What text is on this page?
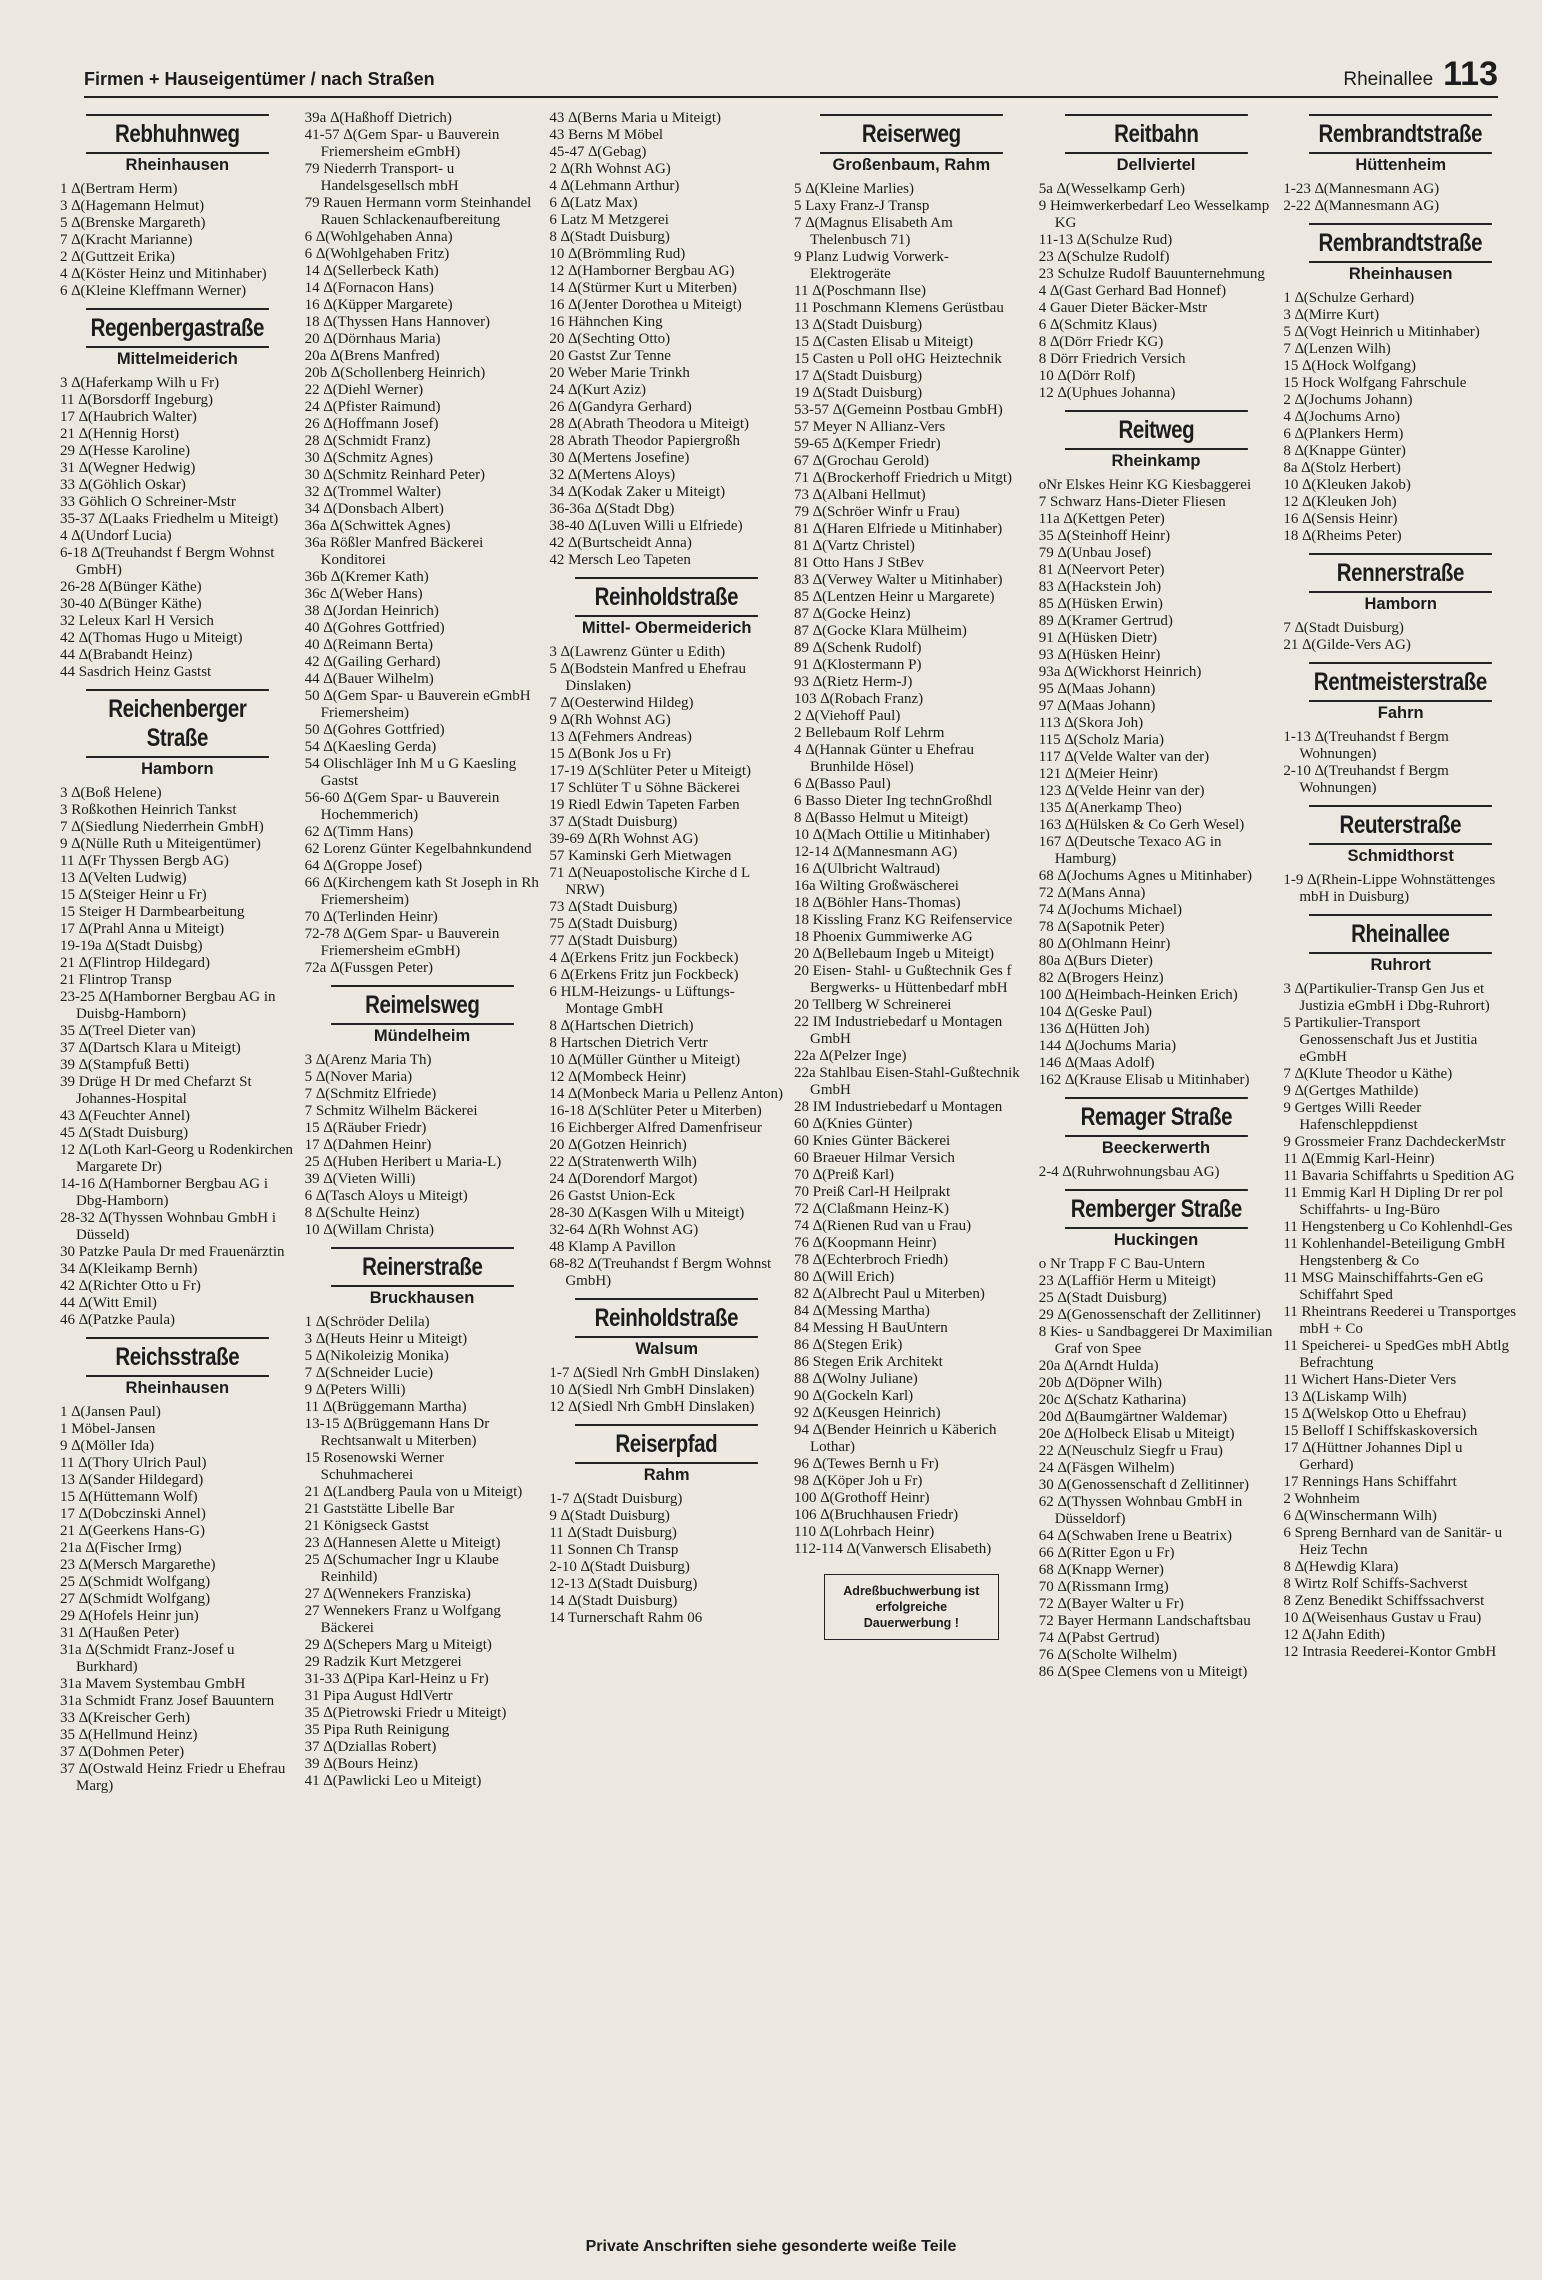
Firmen + Hauseigentümer / nach Straßen	Rheinallee 113
Rebhuhnweg
Rheinhausen
1 ∆(Bertram Herm)
3 ∆(Hagemann Helmut)
5 ∆(Brenske Margareth)
7 ∆(Kracht Marianne)
2 ∆(Guttzeit Erika)
4 ∆(Köster Heinz und Mitinhaber)
6 ∆(Kleine Kleffmann Werner)
Regenbergastraße
Mittelmeiderich
3 ∆(Haferkamp Wilh u Fr)
11 ∆(Borsdorff Ingeburg)
17 ∆(Haubrich Walter)
21 ∆(Hennig Horst)
29 ∆(Hesse Karoline)
31 ∆(Wegner Hedwig)
33 ∆(Göhlich Oskar)
33 Göhlich O Schreiner-Mstr
35-37 ∆(Laaks Friedhelm u Miteigt)
4 ∆(Undorf Lucia)
6-18 ∆(Treuhandst f Bergm Wohnst GmbH)
26-28 ∆(Bünger Käthe)
30-40 ∆(Bünger Käthe)
32 Leleux Karl H Versich
42 ∆(Thomas Hugo u Miteigt)
44 ∆(Brabandt Heinz)
44 Sasdrich Heinz Gastst
Reichenberger Straße
Hamborn
3 ∆(Boß Helene)
3 Roßkothen Heinrich Tankst
7 ∆(Siedlung Niederrhein GmbH)
9 ∆(Nülle Ruth u Miteigentümer)
11 ∆(Fr Thyssen Bergb AG)
13 ∆(Velten Ludwig)
15 ∆(Steiger Heinr u Fr)
15 Steiger H Darmbearbeitung
17 ∆(Prahl Anna u Miteigt)
19-19a ∆(Stadt Duisbg)
21 ∆(Flintrop Hildegard)
21 Flintrop Transp
23-25 ∆(Hamborner Bergbau AG in Duisbg-Hamborn)
35 ∆(Treel Dieter van)
37 ∆(Dartsch Klara u Miteigt)
39 ∆(Stampfuß Betti)
39 Drüge H Dr med Chefarzt St Johannes-Hospital
43 ∆(Feuchter Annel)
45 ∆(Stadt Duisburg)
12 ∆(Loth Karl-Georg u Rodenkirchen Margarete Dr)
14-16 ∆(Hamborner Bergbau AG i Dbg-Hamborn)
28-32 ∆(Thyssen Wohnbau GmbH i Düsseld)
30 Patzke Paula Dr med Frauenärztin
34 ∆(Kleikamp Bernh)
42 ∆(Richter Otto u Fr)
44 ∆(Witt Emil)
46 ∆(Patzke Paula)
Reichsstraße
Rheinhausen
1 ∆(Jansen Paul)
1 Möbel-Jansen
9 ∆(Möller Ida)
11 ∆(Thory Ulrich Paul)
13 ∆(Sander Hildegard)
15 ∆(Hüttemann Wolf)
17 ∆(Dobczinski Annel)
21 ∆(Geerkens Hans-G)
21a ∆(Fischer Irmg)
23 ∆(Mersch Margarethe)
25 ∆(Schmidt Wolfgang)
27 ∆(Schmidt Wolfgang)
29 ∆(Hofels Heinr jun)
31 ∆(Haußen Peter)
31a ∆(Schmidt Franz-Josef u Burkhard)
31a Mavem Systembau GmbH
31a Schmidt Franz Josef Bauuntern
33 ∆(Kreischer Gerh)
35 ∆(Hellmund Heinz)
37 ∆(Dohmen Peter)
37 ∆(Ostwald Heinz Friedr u Ehefrau Marg)
39a ∆(Haßhoff Dietrich)
41-57 ∆(Gem Spar- u Bauverein Friemersheim eGmbH)
79 Niederrh Transport- u Handelsgesellsch mbH
79 Rauen Hermann vorm Steinhandel Rauen Schlackenaufbereitung
6 ∆(Wohlgehaben Anna)
6 ∆(Wohlgehaben Fritz)
14 ∆(Sellerbeck Kath)
14 ∆(Fornacon Hans)
16 ∆(Küpper Margarete)
18 ∆(Thyssen Hans Hannover)
20 ∆(Dörnhaus Maria)
20a ∆(Brens Manfred)
20b ∆(Schollenberg Heinrich)
22 ∆(Diehl Werner)
24 ∆(Pfister Raimund)
26 ∆(Hoffmann Josef)
28 ∆(Schmidt Franz)
30 ∆(Schmitz Agnes)
30 ∆(Schmitz Reinhard Peter)
32 ∆(Trommel Walter)
34 ∆(Donsbach Albert)
36a ∆(Schwittek Agnes)
36a Rößler Manfred Bäckerei Konditorei
36b ∆(Kremer Kath)
36c ∆(Weber Hans)
38 ∆(Jordan Heinrich)
40 ∆(Gohres Gottfried)
40 ∆(Reimann Berta)
42 ∆(Gailing Gerhard)
44 ∆(Bauer Wilhelm)
50 ∆(Gem Spar- u Bauverein eGmbH Friemersheim)
50 ∆(Gohres Gottfried)
54 ∆(Kaesling Gerda)
54 Olischläger Inh M u G Kaesling Gastst
56-60 ∆(Gem Spar- u Bauverein Hochemmerich)
62 ∆(Timm Hans)
62 Lorenz Günter Kegelbahnkundend
64 ∆(Groppe Josef)
66 ∆(Kirchengem kath St Joseph in Rh Friemersheim)
70 ∆(Terlinden Heinr)
72-78 ∆(Gem Spar- u Bauverein Friemersheim eGmbH)
72a ∆(Fussgen Peter)
Reimelsweg
Mündelheim
3 ∆(Arenz Maria Th)
5 ∆(Nover Maria)
7 ∆(Schmitz Elfriede)
7 Schmitz Wilhelm Bäckerei
15 ∆(Räuber Friedr)
17 ∆(Dahmen Heinr)
25 ∆(Huben Heribert u Maria-L)
39 ∆(Vieten Willi)
6 ∆(Tasch Aloys u Miteigt)
8 ∆(Schulte Heinz)
10 ∆(Willam Christa)
Reinerstraße
Bruckhausen
1 ∆(Schröder Delila)
3 ∆(Heuts Heinr u Miteigt)
5 ∆(Nikoleizig Monika)
7 ∆(Schneider Lucie)
9 ∆(Peters Willi)
11 ∆(Brüggemann Martha)
13-15 ∆(Brüggemann Hans Dr Rechtsanwalt u Miterben)
15 Rosenowski Werner Schuhmacherei
21 ∆(Landberg Paula von u Miteigt)
21 Gaststätte Libelle Bar
21 Königseck Gastst
23 ∆(Hannesen Alette u Miteigt)
25 ∆(Schumacher Ingr u Klaube Reinhild)
27 ∆(Wennekers Franziska)
27 Wennekers Franz u Wolfgang Bäckerei
29 ∆(Schepers Marg u Miteigt)
29 Radzik Kurt Metzgerei
31-33 ∆(Pipa Karl-Heinz u Fr)
31 Pipa August HdlVertr
35 ∆(Pietrowski Friedr u Miteigt)
35 Pipa Ruth Reinigung
37 ∆(Dziallas Robert)
39 ∆(Bours Heinz)
41 ∆(Pawlicki Leo u Miteigt)
43 ∆(Berns Maria u Miteigt)
43 Berns M Möbel
45-47 ∆(Gebag)
2 ∆(Rh Wohnst AG)
4 ∆(Lehmann Arthur)
6 ∆(Latz Max)
6 Latz M Metzgerei
8 ∆(Stadt Duisburg)
10 ∆(Brömmling Rud)
12 ∆(Hamborner Bergbau AG)
14 ∆(Stürmer Kurt u Miterben)
16 ∆(Jenter Dorothea u Miteigt)
16 Hähnchen King
20 ∆(Sechting Otto)
20 Gastst Zur Tenne
20 Weber Marie Trinkh
24 ∆(Kurt Aziz)
26 ∆(Gandyra Gerhard)
28 ∆(Abrath Theodora u Miteigt)
28 Abrath Theodor Papiergroßh
30 ∆(Mertens Josefine)
32 ∆(Mertens Aloys)
34 ∆(Kodak Zaker u Miteigt)
36-36a ∆(Stadt Dbg)
38-40 ∆(Luven Willi u Elfriede)
42 ∆(Burtscheidt Anna)
42 Mersch Leo Tapeten
Reinholdstraße
Mittel- Obermeiderich
3 ∆(Lawrenz Günter u Edith)
5 ∆(Bodstein Manfred u Ehefrau Dinslaken)
7 ∆(Oesterwind Hildeg)
9 ∆(Rh Wohnst AG)
13 ∆(Fehmers Andreas)
15 ∆(Bonk Jos u Fr)
17-19 ∆(Schlüter Peter u Miteigt)
17 Schlüter T u Söhne Bäckerei
19 Riedl Edwin Tapeten Farben
37 ∆(Stadt Duisburg)
39-69 ∆(Rh Wohnst AG)
57 Kaminski Gerh Mietwagen
71 ∆(Neuapostolische Kirche d L NRW)
73 ∆(Stadt Duisburg)
75 ∆(Stadt Duisburg)
77 ∆(Stadt Duisburg)
4 ∆(Erkens Fritz jun Fockbeck)
6 ∆(Erkens Fritz jun Fockbeck)
6 HLM-Heizungs- u Lüftungs-Montage GmbH
8 ∆(Hartschen Dietrich)
8 Hartschen Dietrich Vertr
10 ∆(Müller Günther u Miteigt)
12 ∆(Mombeck Heinr)
14 ∆(Monbeck Maria u Pellenz Anton)
16-18 ∆(Schlüter Peter u Miterben)
16 Eichberger Alfred Damenfriseur
20 ∆(Gotzen Heinrich)
22 ∆(Stratenwerth Wilh)
24 ∆(Dorendorf Margot)
26 Gastst Union-Eck
28-30 ∆(Kasgen Wilh u Miteigt)
32-64 ∆(Rh Wohnst AG)
48 Klamp A Pavillon
68-82 ∆(Treuhandst f Bergm Wohnst GmbH)
Reinholdstraße
Walsum
1-7 ∆(Siedl Nrh GmbH Dinslaken)
10 ∆(Siedl Nrh GmbH Dinslaken)
12 ∆(Siedl Nrh GmbH Dinslaken)
Reiserpfad
Rahm
1-7 ∆(Stadt Duisburg)
9 ∆(Stadt Duisburg)
11 ∆(Stadt Duisburg)
11 Sonnen Ch Transp
2-10 ∆(Stadt Duisburg)
12-13 ∆(Stadt Duisburg)
14 ∆(Stadt Duisburg)
14 Turnerschaft Rahm 06
Reiserweg
Großenbaum, Rahm
5 ∆(Kleine Marlies)
5 Laxy Franz-J Transp
7 ∆(Magnus Elisabeth Am Thelenbusch 71)
9 Planz Ludwig Vorwerk-Elektrogeräte
11 ∆(Poschmann Ilse)
11 Poschmann Klemens Gerüstbau
13 ∆(Stadt Duisburg)
15 ∆(Casten Elisab u Miteigt)
15 Casten u Poll oHG Heiztechnik
17 ∆(Stadt Duisburg)
19 ∆(Stadt Duisburg)
53-57 ∆(Gemeinn Postbau GmbH)
57 Meyer N Allianz-Vers
59-65 ∆(Kemper Friedr)
67 ∆(Grochau Gerold)
71 ∆(Brockerhoff Friedrich u Mitgt)
73 ∆(Albani Hellmut)
79 ∆(Schröer Winfr u Frau)
81 ∆(Haren Elfriede u Mitinhaber)
81 ∆(Vartz Christel)
81 Otto Hans J StBev
83 ∆(Verwey Walter u Mitinhaber)
85 ∆(Lentzen Heinr u Margarete)
87 ∆(Gocke Heinz)
87 ∆(Gocke Klara Mülheim)
89 ∆(Schenk Rudolf)
91 ∆(Klostermann P)
93 ∆(Rietz Herm-J)
103 ∆(Robach Franz)
2 ∆(Viehoff Paul)
2 Bellebaum Rolf Lehrm
4 ∆(Hannak Günter u Ehefrau Brunhilde Hösel)
6 ∆(Basso Paul)
6 Basso Dieter Ing technGroßhdl
8 ∆(Basso Helmut u Miteigt)
10 ∆(Mach Ottilie u Mitinhaber)
12-14 ∆(Mannesmann AG)
16 ∆(Ulbricht Waltraud)
16a Wilting Großwäscherei
18 ∆(Böhler Hans-Thomas)
18 Kissling Franz KG Reifenservice
18 Phoenix Gummiwerke AG
20 ∆(Bellebaum Ingeb u Miteigt)
20 Eisen- Stahl- u Gußtechnik Ges f Bergwerks- u Hüttenbedarf mbH
20 Tellberg W Schreinerei
22 IM Industriebedarf u Montagen GmbH
22a ∆(Pelzer Inge)
22a Stahlbau Eisen-Stahl-Gußtechnik GmbH
28 IM Industriebedarf u Montagen
60 ∆(Knies Günter)
60 Knies Günter Bäckerei
60 Braeuer Hilmar Versich
70 ∆(Preiß Karl)
70 Preiß Carl-H Heilprakt
72 ∆(Claßmann Heinz-K)
74 ∆(Rienen Rud van u Frau)
76 ∆(Koopmann Heinr)
78 ∆(Echterbroch Friedh)
80 ∆(Will Erich)
82 ∆(Albrecht Paul u Miterben)
84 ∆(Messing Martha)
84 Messing H BauUntern
86 ∆(Stegen Erik)
86 Stegen Erik Architekt
88 ∆(Wolny Juliane)
90 ∆(Gockeln Karl)
92 ∆(Keusgen Heinrich)
94 ∆(Bender Heinrich u Käberich Lothar)
96 ∆(Tewes Bernh u Fr)
98 ∆(Köper Joh u Fr)
100 ∆(Grothoff Heinr)
106 ∆(Bruchhausen Friedr)
110 ∆(Lohrbach Heinr)
112-114 ∆(Vanwersch Elisabeth)
Adreßbuchwerbung ist erfolgreiche Dauerwerbung !
Reitbahn
Dellviertel
5a ∆(Wesselkamp Gerh)
9 Heimwerkerbedarf Leo Wesselkamp KG
11-13 ∆(Schulze Rud)
23 ∆(Schulze Rudolf)
23 Schulze Rudolf Bauunternehmung
4 ∆(Gast Gerhard Bad Honnef)
4 Gauer Dieter Bäcker-Mstr
6 ∆(Schmitz Klaus)
8 ∆(Dörr Friedr KG)
8 Dörr Friedrich Versich
10 ∆(Dörr Rolf)
12 ∆(Uphues Johanna)
Reitweg
Rheinkamp
oNr Elskes Heinr KG Kiesbaggerei
7 Schwarz Hans-Dieter Fliesen
11a ∆(Kettgen Peter)
35 ∆(Steinhoff Heinr)
79 ∆(Unbau Josef)
81 ∆(Neervort Peter)
83 ∆(Hackstein Joh)
85 ∆(Hüsken Erwin)
89 ∆(Kramer Gertrud)
91 ∆(Hüsken Dietr)
93 ∆(Hüsken Heinr)
93a ∆(Wickhorst Heinrich)
95 ∆(Maas Johann)
97 ∆(Maas Johann)
113 ∆(Skora Joh)
115 ∆(Scholz Maria)
117 ∆(Velde Walter van der)
121 ∆(Meier Heinr)
123 ∆(Velde Heinr van der)
135 ∆(Anerkamp Theo)
163 ∆(Hülsken & Co Gerh Wesel)
167 ∆(Deutsche Texaco AG in Hamburg)
68 ∆(Jochums Agnes u Mitinhaber)
72 ∆(Mans Anna)
74 ∆(Jochums Michael)
78 ∆(Sapotnik Peter)
80 ∆(Ohlmann Heinr)
80a ∆(Burs Dieter)
82 ∆(Brogers Heinz)
100 ∆(Heimbach-Heinken Erich)
104 ∆(Geske Paul)
136 ∆(Hütten Joh)
144 ∆(Jochums Maria)
146 ∆(Maas Adolf)
162 ∆(Krause Elisab u Mitinhaber)
Remager Straße
Beeckerwerth
2-4 ∆(Ruhrwohnungsbau AG)
Remberger Straße
Huckingen
o Nr Trapp F C Bau-Untern
23 ∆(Laffiör Herm u Miteigt)
25 ∆(Stadt Duisburg)
29 ∆(Genossenschaft der Zellitinner)
8 Kies- u Sandbaggerei Dr Maximilian Graf von Spee
20a ∆(Arndt Hulda)
20b ∆(Döpner Wilh)
20c ∆(Schatz Katharina)
20d ∆(Baumgärtner Waldemar)
20e ∆(Holbeck Elisab u Miteigt)
22 ∆(Neuschulz Siegfr u Frau)
24 ∆(Fäsgen Wilhelm)
30 ∆(Genossenschaft d Zellitinner)
62 ∆(Thyssen Wohnbau GmbH in Düsseldorf)
64 ∆(Schwaben Irene u Beatrix)
66 ∆(Ritter Egon u Fr)
68 ∆(Knapp Werner)
70 ∆(Rissmann Irmg)
72 ∆(Bayer Walter u Fr)
72 Bayer Hermann Landschaftsbau
74 ∆(Pabst Gertrud)
76 ∆(Scholte Wilhelm)
86 ∆(Spee Clemens von u Miteigt)
Rembrandtstraße
Hüttenheim
1-23 ∆(Mannesmann AG)
2-22 ∆(Mannesmann AG)
Rembrandtstraße
Rheinhausen
1 ∆(Schulze Gerhard)
3 ∆(Mirre Kurt)
5 ∆(Vogt Heinrich u Mitinhaber)
7 ∆(Lenzen Wilh)
15 ∆(Hock Wolfgang)
15 Hock Wolfgang Fahrschule
2 ∆(Jochums Johann)
4 ∆(Jochums Arno)
6 ∆(Plankers Herm)
8 ∆(Knappe Günter)
8a ∆(Stolz Herbert)
10 ∆(Kleuken Jakob)
12 ∆(Kleuken Joh)
16 ∆(Sensis Heinr)
18 ∆(Rheims Peter)
Rennerstraße
Hamborn
7 ∆(Stadt Duisburg)
21 ∆(Gilde-Vers AG)
Rentmeisterstraße
Fahrn
1-13 ∆(Treuhandst f Bergm Wohnungen)
2-10 ∆(Treuhandst f Bergm Wohnungen)
Reuterstraße
Schmidthorst
1-9 ∆(Rhein-Lippe Wohnstättenges mbH in Duisburg)
Rheinallee
Ruhrort
3 ∆(Partikulier-Transp Gen Jus et Justizia eGmbH i Dbg-Ruhrort)
5 Partikulier-Transport Genossenschaft Jus et Justitia eGmbH
7 ∆(Klute Theodor u Käthe)
9 ∆(Gertges Mathilde)
9 Gertges Willi Reeder Hafenschleppdienst
9 Grossmeier Franz DachdeckerMstr
11 ∆(Emmig Karl-Heinr)
11 Bavaria Schiffahrts u Spedition AG
11 Emmig Karl H Dipling Dr rer pol Schiffahrts- u Ing-Büro
11 Hengstenberg u Co Kohlenhdl-Ges
11 Kohlenhandel-Beteiligung GmbH Hengstenberg & Co
11 MSG Mainschiffahrts-Gen eG Schiffahrt Sped
11 Rheintrans Reederei u Transportges mbH + Co
11 Speicherei- u SpedGes mbH Abtlg Befrachtung
11 Wichert Hans-Dieter Vers
13 ∆(Liskamp Wilh)
15 ∆(Welskop Otto u Ehefrau)
15 Belloff I Schiffskaskoversich
17 ∆(Hüttner Johannes Dipl u Gerhard)
17 Rennings Hans Schiffahrt
2 Wohnheim
6 ∆(Winschermann Wilh)
6 Spreng Bernhard van de Sanitär- u Heiz Techn
8 ∆(Hewdig Klara)
8 Wirtz Rolf Schiffs-Sachverst
8 Zenz Benedikt Schiffssachverst
10 ∆(Weisenhaus Gustav u Frau)
12 ∆(Jahn Edith)
12 Intrasia Reederei-Kontor GmbH
Private Anschriften siehe gesonderte weiße Teile
